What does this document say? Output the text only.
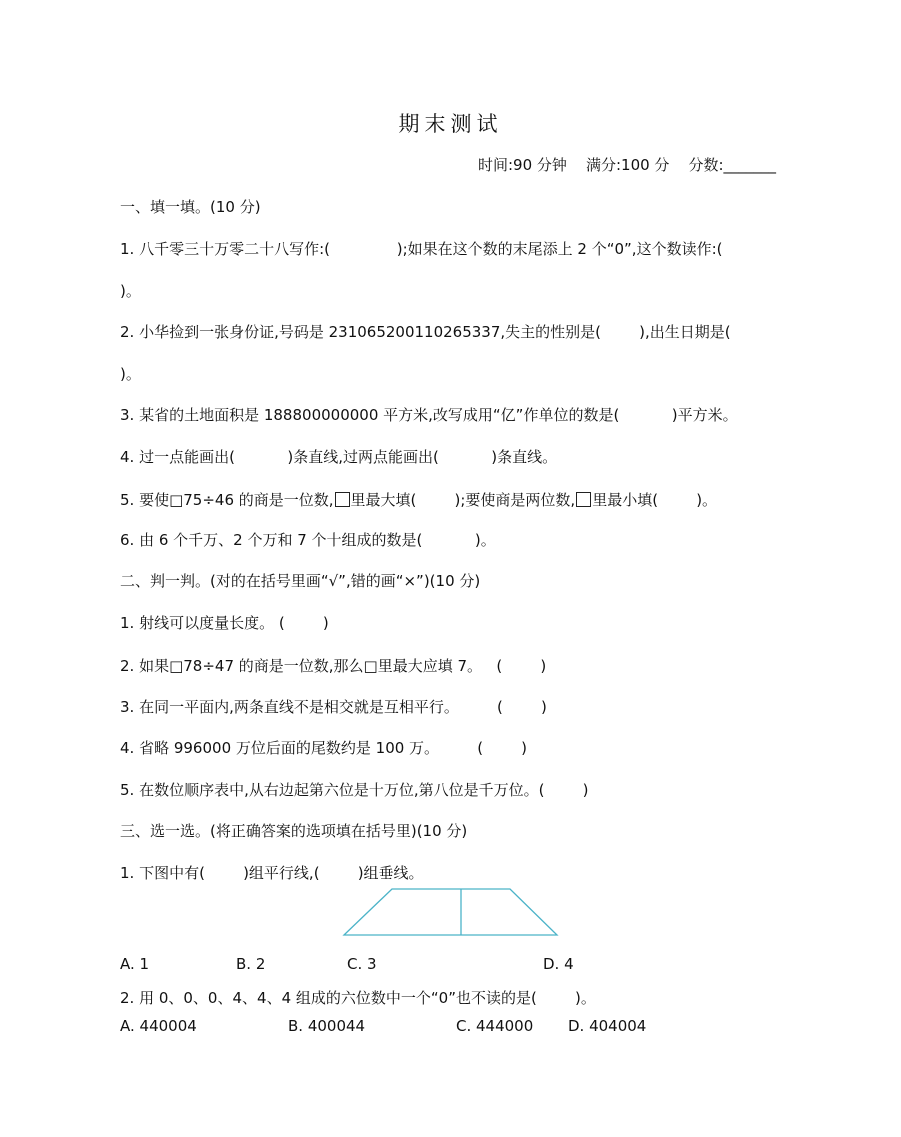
期末测试
时间:90 分钟    满分:100 分    分数:_______
一、填一填。(10 分)
1. 八千零三十万零二十八写作:(              );如果在这个数的末尾添上 2 个“0”,这个数读作:(
)。
2. 小华捡到一张身份证,号码是 231065200110265337,失主的性别是(        ),出生日期是(
)。
3. 某省的土地面积是 188800000000 平方米,改写成用“亿”作单位的数是(           )平方米。
4. 过一点能画出(           )条直线,过两点能画出(           )条直线。
5. 要使□75÷46 的商是一位数, 里最大填(        );要使商是两位数, 里最小填(        )。
6. 由 6 个千万、2 个万和 7 个十组成的数是(           )。
二、判一判。(对的在括号里画“√”,错的画“×”)(10 分)
1. 射线可以度量长度。 (        )
2. 如果□78÷47 的商是一位数,那么□里最大应填 7。   (        )
3. 在同一平面内,两条直线不是相交就是互相平行。        (        )
4. 省略 996000 万位后面的尾数约是 100 万。        (        )
5. 在数位顺序表中,从右边起第六位是十万位,第八位是千万位。(        )
三、选一选。(将正确答案的选项填在括号里)(10 分)
1. 下图中有(        )组平行线,(        )组垂线。
A. 1	B. 2	C. 3	D. 4
2. 用 0、0、0、4、4、4 组成的六位数中一个“0”也不读的是(        )。
A. 440004	B. 400044	C. 444000 D. 404004
